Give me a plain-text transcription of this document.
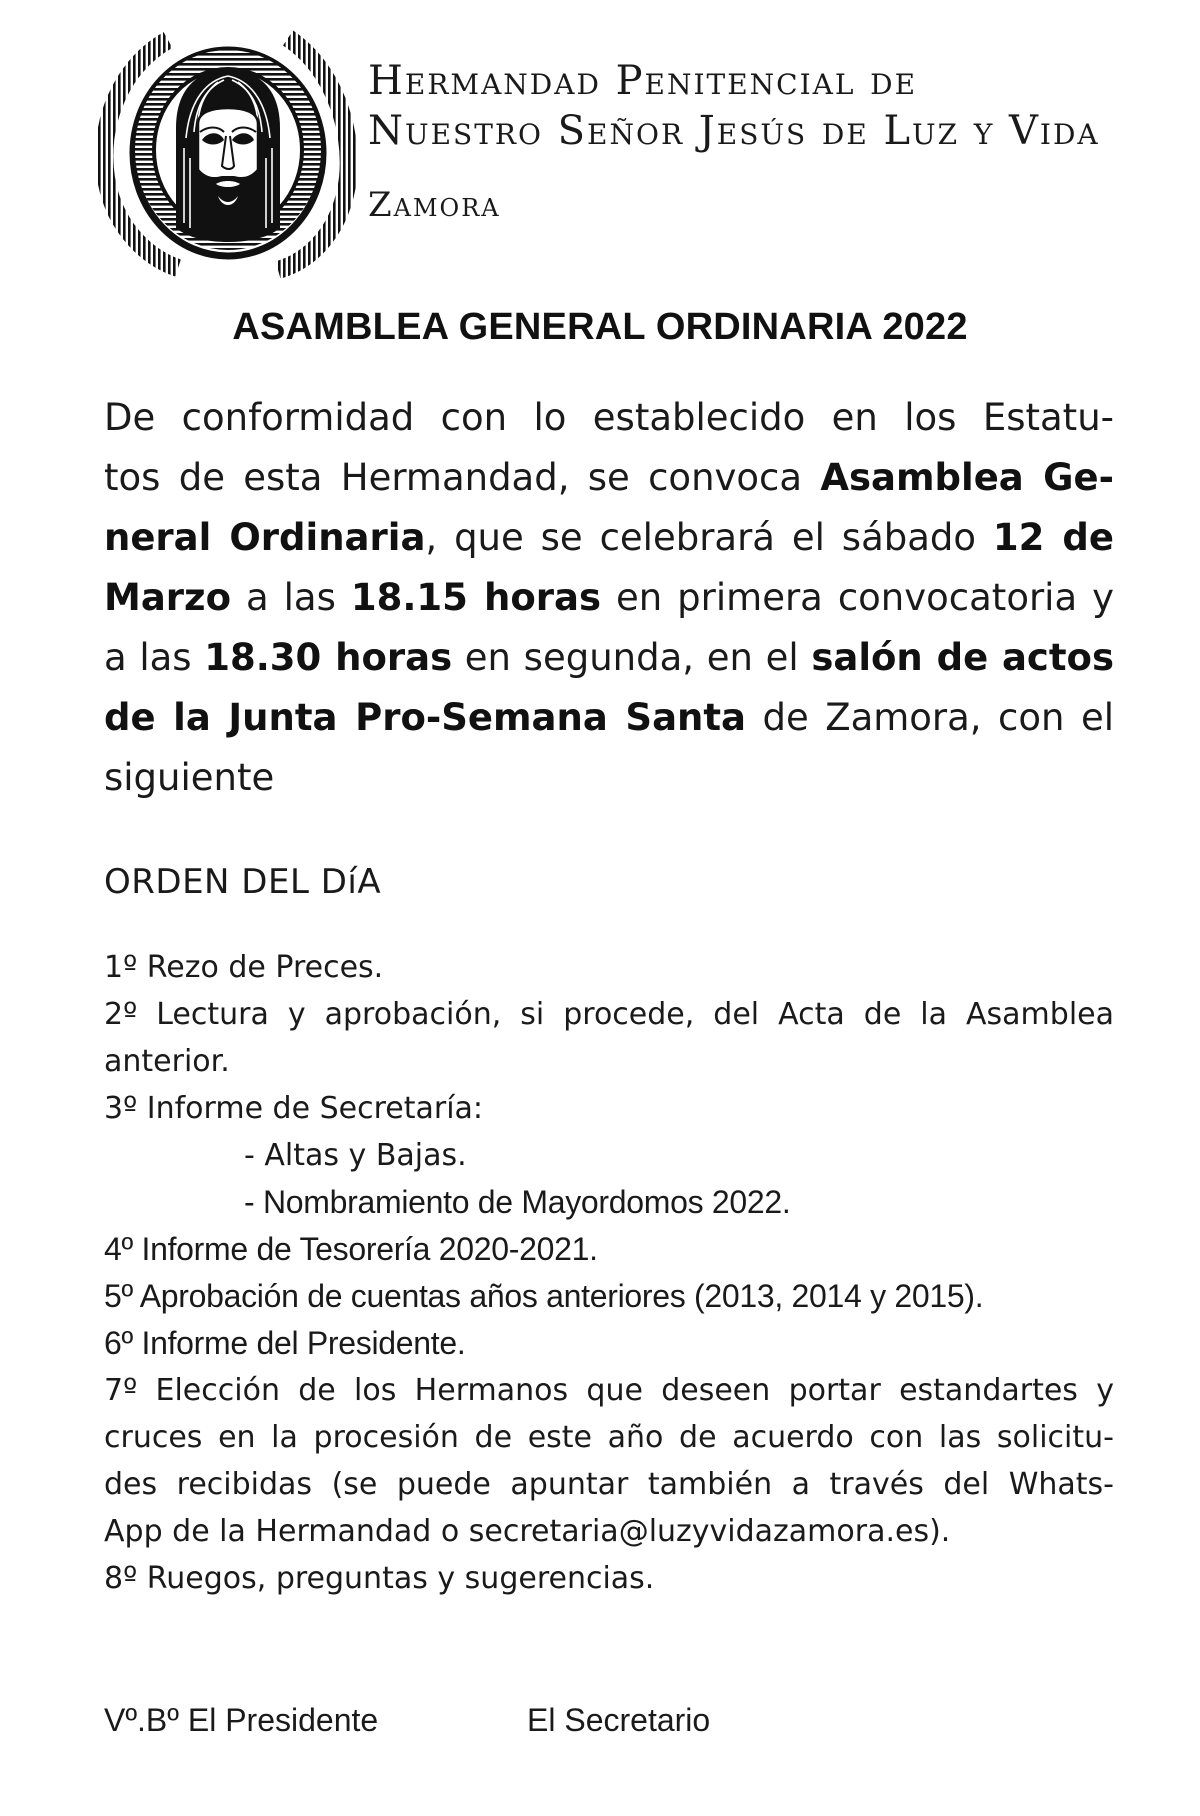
Hermandad Penitencial de
Nuestro Señor Jesús de Luz y Vida
Zamora
ASAMBLEA GENERAL ORDINARIA 2022
De conformidad con lo establecido en los Estatu-
tos de esta Hermandad, se convoca Asamblea Ge-
neral Ordinaria, que se celebrará el sábado 12 de
Marzo a las 18.15 horas en primera convocatoria y
a las 18.30 horas en segunda, en el salón de actos
de la Junta Pro-Semana Santa de Zamora, con el
siguiente
ORDEN DEL DíA
1º Rezo de Preces.
2º Lectura y aprobación, si procede, del Acta de la Asamblea
anterior.
3º Informe de Secretaría:
- Altas y Bajas.
- Nombramiento de Mayordomos 2022.
4º Informe de Tesorería 2020-2021.
5º Aprobación de cuentas años anteriores (2013, 2014 y 2015).
6º Informe del Presidente.
7º Elección de los Hermanos que deseen portar estandartes y
cruces en la procesión de este año de acuerdo con las solicitu-
des recibidas (se puede apuntar también a través del Whats-
App de la Hermandad o secretaria@luzyvidazamora.es).
8º Ruegos, preguntas y sugerencias.
Vº.Bº El Presidente	El Secretario
